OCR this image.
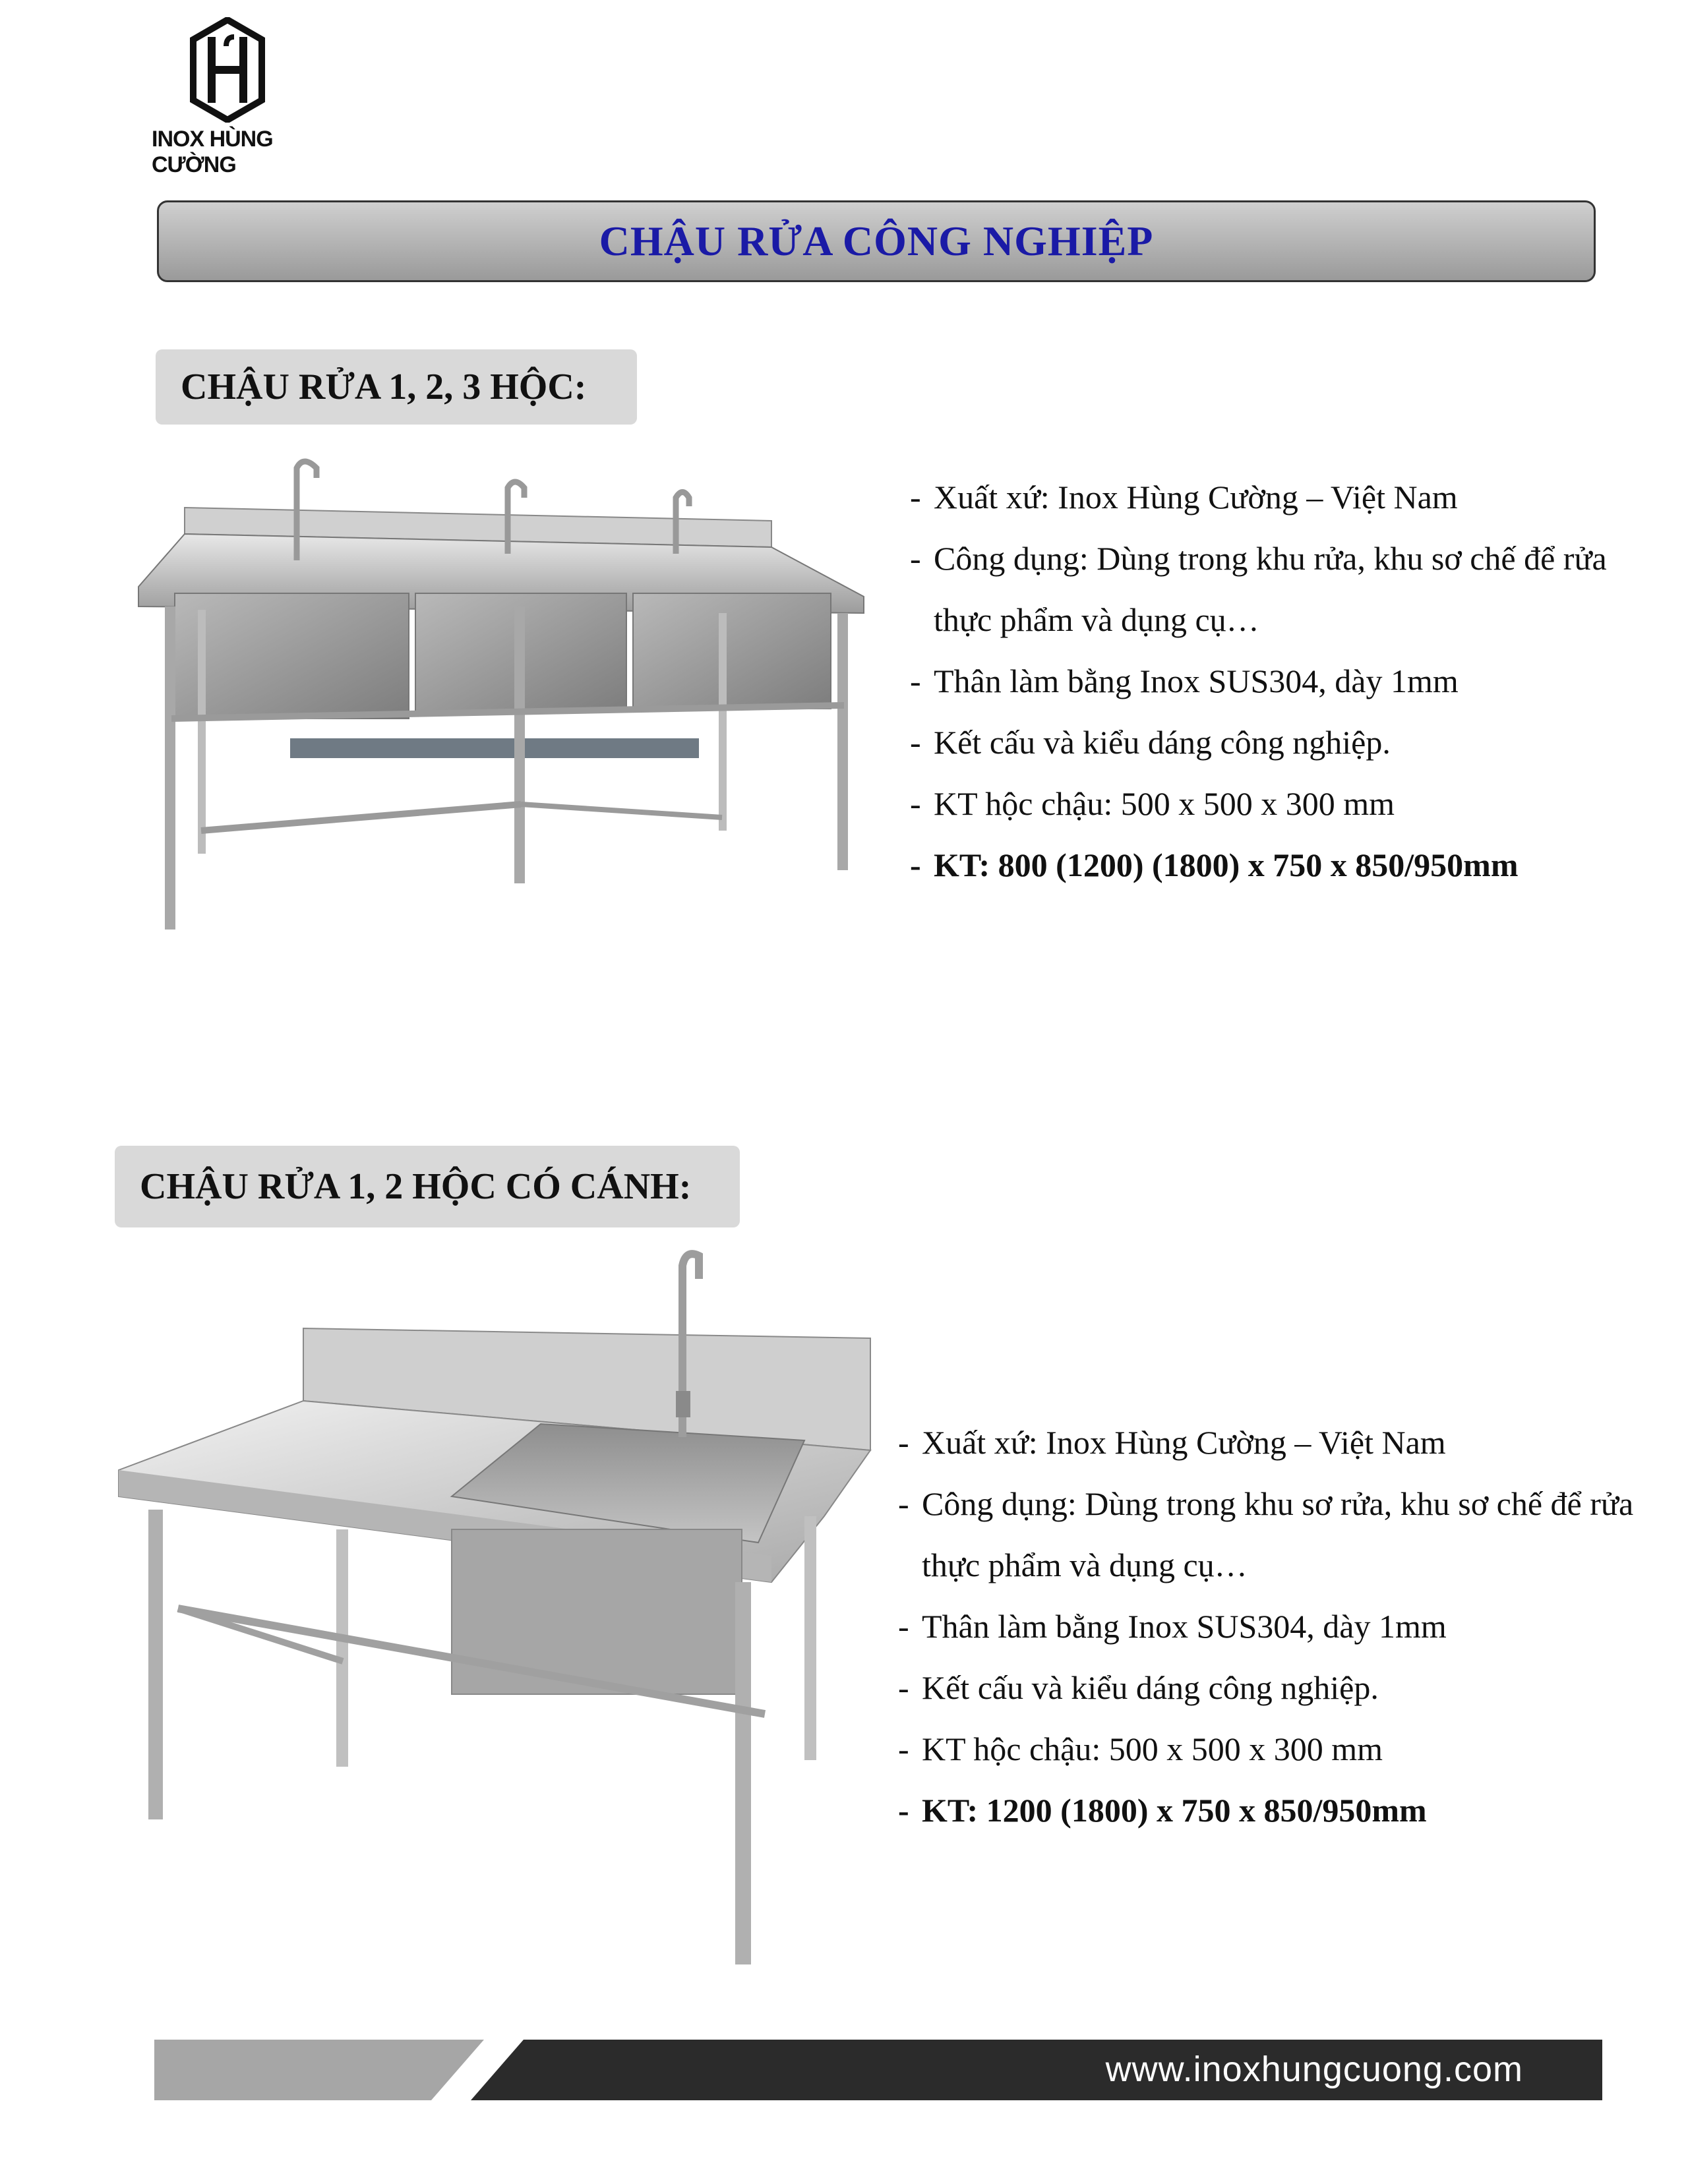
INOX HÙNG CƯỜNG
CHẬU RỬA CÔNG NGHIỆP
CHẬU RỬA 1, 2, 3 HỘC:
- Xuất xứ: Inox Hùng Cường – Việt Nam
- Công dụng: Dùng trong khu rửa, khu sơ chế để rửa thực phẩm và dụng cụ…
- Thân làm bằng Inox SUS304, dày 1mm
- Kết cấu và kiểu dáng công nghiệp.
- KT hộc chậu: 500 x 500 x 300 mm
- KT: 800 (1200) (1800) x 750 x 850/950mm
CHẬU RỬA 1, 2 HỘC CÓ CÁNH:
- Xuất xứ: Inox Hùng Cường – Việt Nam
- Công dụng: Dùng trong khu sơ rửa, khu sơ chế để rửa thực phẩm và dụng cụ…
- Thân làm bằng Inox SUS304, dày 1mm
- Kết cấu và kiểu dáng công nghiệp.
- KT hộc chậu: 500 x 500 x 300 mm
- KT: 1200 (1800) x 750 x 850/950mm
www.inoxhungcuong.com
